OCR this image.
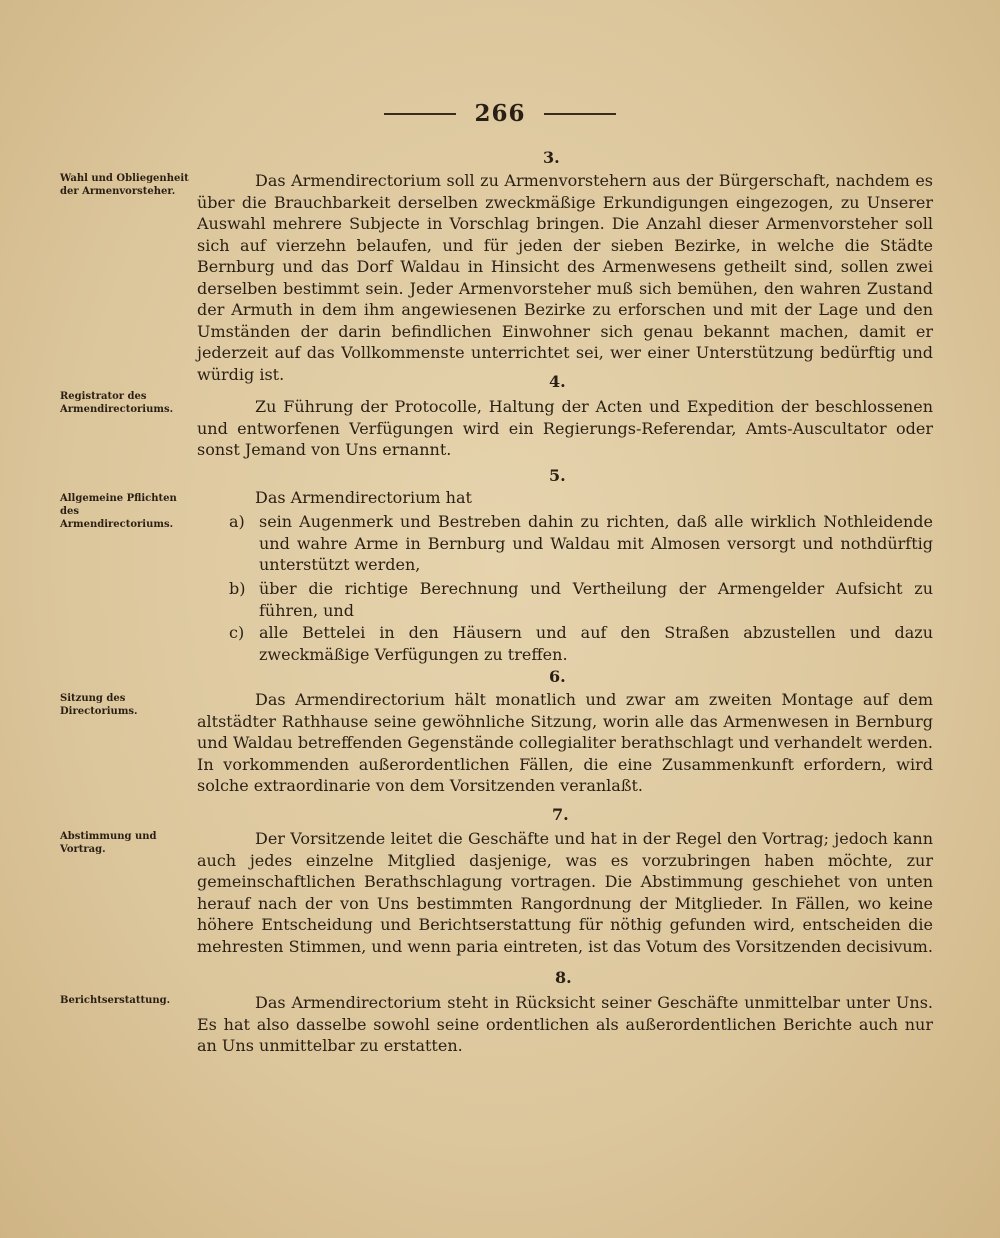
266
3.
Wahl und Obliegenheit der Armenvorsteher.
Das Armendirectorium soll zu Armenvorstehern aus der Bürgerschaft, nachdem es über die Brauchbarkeit derselben zweckmäßige Erkundigungen eingezogen, zu Unserer Auswahl mehrere Subjecte in Vorschlag bringen. Die Anzahl dieser Armenvorsteher soll sich auf vierzehn belaufen, und für jeden der sieben Bezirke, in welche die Städte Bernburg und das Dorf Waldau in Hinsicht des Armenwesens getheilt sind, sollen zwei derselben bestimmt sein. Jeder Armenvorsteher muß sich bemühen, den wahren Zustand der Armuth in dem ihm angewiesenen Bezirke zu erforschen und mit der Lage und den Umständen der darin befindlichen Einwohner sich genau bekannt machen, damit er jederzeit auf das Vollkommenste unterrichtet sei, wer einer Unterstützung bedürftig und würdig ist.	4.
Registrator des Armendirectoriums.	Zu Führung der Protocolle, Haltung der Acten und Expedition der beschlossenen und entworfenen Verfügungen wird ein Regierungs-Referendar, Amts-Auscultator oder sonst Jemand von Uns ernannt.
5.
Allgemeine Pflichten des Armendirectoriums.
Das Armendirectorium hat
a) sein Augenmerk und Bestreben dahin zu richten, daß alle wirklich Nothleidende und wahre Arme in Bernburg und Waldau mit Almosen versorgt und nothdürftig unterstützt werden,
b) über die richtige Berechnung und Vertheilung der Armengelder Aufsicht zu führen, und
c) alle Bettelei in den Häusern und auf den Straßen abzustellen und dazu zweckmäßige Verfügungen zu treffen.
6.
Sitzung des Directoriums.
Das Armendirectorium hält monatlich und zwar am zweiten Montage auf dem altstädter Rathhause seine gewöhnliche Sitzung, worin alle das Armenwesen in Bernburg und Waldau betreffenden Gegenstände collegialiter berathschlagt und verhandelt werden. In vorkommenden außerordentlichen Fällen, die eine Zusammenkunft erfordern, wird solche extraordinarie von dem Vorsitzenden veranlaßt.
7.
Abstimmung und Vortrag.
Der Vorsitzende leitet die Geschäfte und hat in der Regel den Vortrag; jedoch kann auch jedes einzelne Mitglied dasjenige, was es vorzubringen haben möchte, zur gemeinschaftlichen Berathschlagung vortragen. Die Abstimmung geschiehet von unten herauf nach der von Uns bestimmten Rangordnung der Mitglieder. In Fällen, wo keine höhere Entscheidung und Berichtserstattung für nöthig gefunden wird, entscheiden die mehresten Stimmen, und wenn paria eintreten, ist das Votum des Vorsitzenden decisivum.
8.
Berichtserstattung.	Das Armendirectorium steht in Rücksicht seiner Geschäfte unmittelbar unter Uns. Es hat also dasselbe sowohl seine ordentlichen als außerordentlichen Berichte auch nur an Uns unmittelbar zu erstatten.
